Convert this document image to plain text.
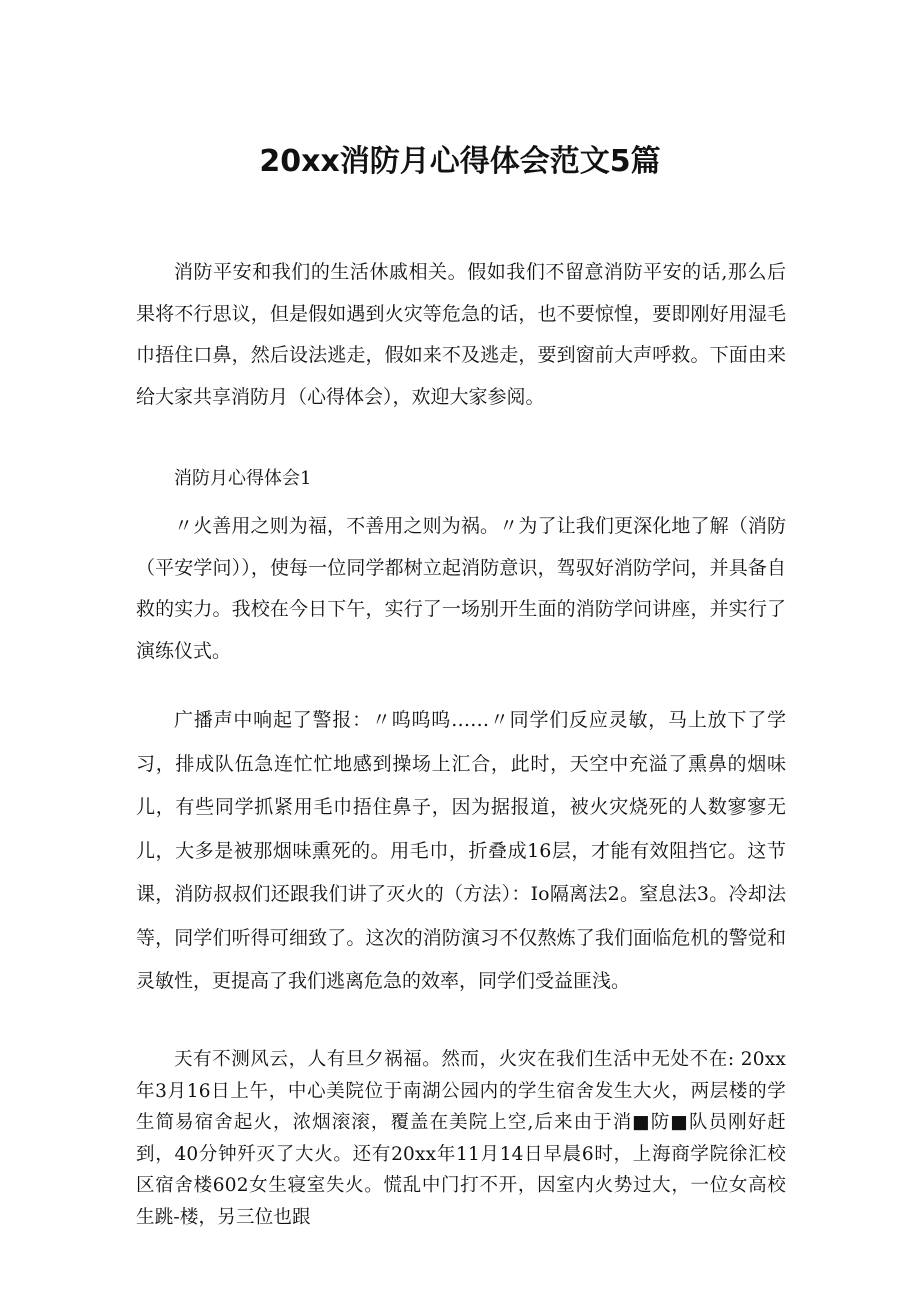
20xx消防月心得体会范文5篇

消防平安和我们的生活休戚相关。假如我们不留意消防平安的话,那么后果将不行思议，但是假如遇到火灾等危急的话，也不要惊惶，要即刚好用湿毛巾捂住口鼻，然后设法逃走，假如来不及逃走，要到窗前大声呼救。下面由来给大家共享消防月（心得体会），欢迎大家参阅。

消防月心得体会1

〃火善用之则为福，不善用之则为祸。〃为了让我们更深化地了解（消防（平安学问）），使每一位同学都树立起消防意识，驾驭好消防学问，并具备自救的实力。我校在今日下午，实行了一场别开生面的消防学问讲座，并实行了演练仪式。

广播声中响起了警报：〃呜呜呜……〃同学们反应灵敏，马上放下了学习，排成队伍急连忙忙地感到操场上汇合，此时，天空中充溢了熏鼻的烟味儿，有些同学抓紧用毛巾捂住鼻子，因为据报道，被火灾烧死的人数寥寥无儿，大多是被那烟味熏死的。用毛巾，折叠成16层，才能有效阻挡它。这节课，消防叔叔们还跟我们讲了灭火的（方法）：Io隔离法2。窒息法3。冷却法等，同学们听得可细致了。这次的消防演习不仅熬炼了我们面临危机的警觉和灵敏性，更提高了我们逃离危急的效率，同学们受益匪浅。

天有不测风云，人有旦夕祸福。然而，火灾在我们生活中无处不在: 20xx年3月16日上午，中心美院位于南湖公园内的学生宿舍发生大火，两层楼的学生简易宿舍起火，浓烟滚滚，覆盖在美院上空,后来由于消■防■队员刚好赶到，40分钟歼灭了大火。还有20xx年11月14日早晨6时，上海商学院徐汇校区宿舍楼602女生寝室失火。慌乱中门打不开，因室内火势过大，一位女高校生跳-楼，另三位也跟
